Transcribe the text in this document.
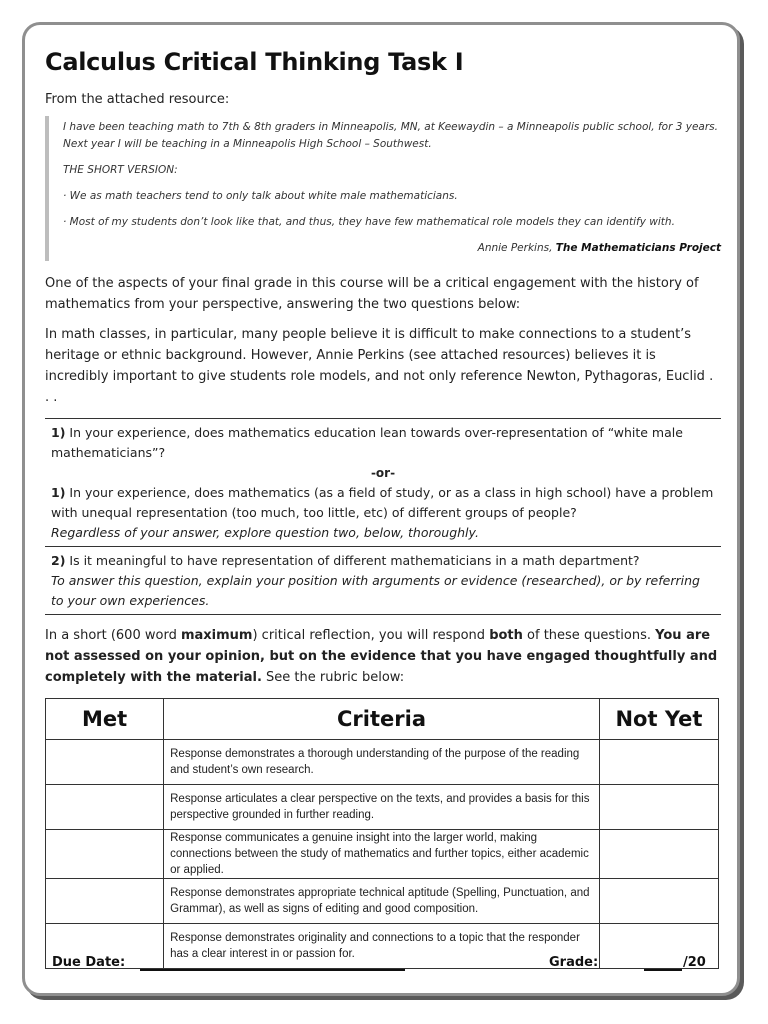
Calculus Critical Thinking Task I
From the attached resource:

I have been teaching math to 7th & 8th graders in Minneapolis, MN, at Keewaydin – a Minneapolis public school, for 3 years. Next year I will be teaching in a Minneapolis High School – Southwest.

THE SHORT VERSION:

· We as math teachers tend to only talk about white male mathematicians.

· Most of my students don’t look like that, and thus, they have few mathematical role models they can identify with.

Annie Perkins, The Mathematicians Project

One of the aspects of your final grade in this course will be a critical engagement with the history of mathematics from your perspective, answering the two questions below:
In math classes, in particular, many people believe it is difficult to make connections to a student’s heritage or ethnic background. However, Annie Perkins (see attached resources) believes it is incredibly important to give students role models, and not only reference Newton, Pythagoras, Euclid . . .
1) In your experience, does mathematics education lean towards over-representation of “white male mathematicians”?
-or-
1) In your experience, does mathematics (as a field of study, or as a class in high school) have a problem with unequal representation (too much, too little, etc) of different groups of people?
Regardless of your answer, explore question two, below, thoroughly.
2) Is it meaningful to have representation of different mathematicians in a math department?
To answer this question, explain your position with arguments or evidence (researched), or by referring to your own experiences.
In a short (600 word maximum) critical reflection, you will respond both of these questions. You are not assessed on your opinion, but on the evidence that you have engaged thoughtfully and completely with the material. See the rubric below:
Met	Criteria	Not Yet
	Response demonstrates a thorough understanding of the purpose of the reading and student’s own research.	
	Response articulates a clear perspective on the texts, and provides a basis for this perspective grounded in further reading.	
	Response communicates a genuine insight into the larger world, making connections between the study of mathematics and further topics, either academic or applied.	
	Response demonstrates appropriate technical aptitude (Spelling, Punctuation, and Grammar), as well as signs of editing and good composition.	
	Response demonstrates originality and connections to a topic that the responder has a clear interest in or passion for.	
Due Date:	Grade:	/20
